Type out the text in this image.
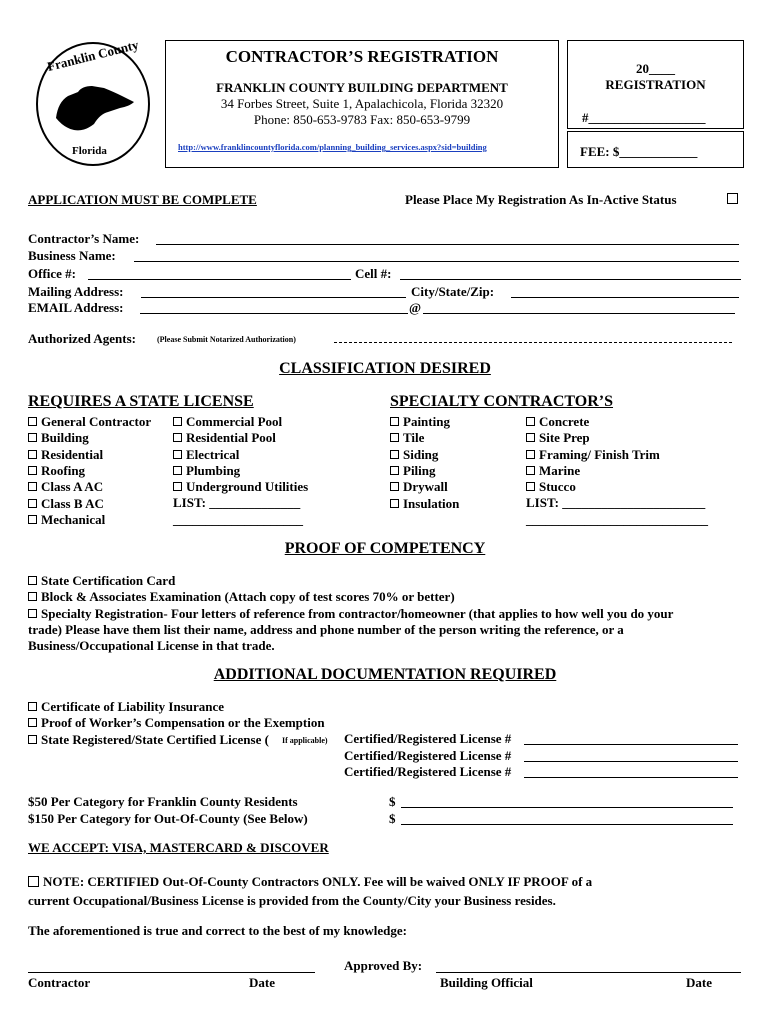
Franklin County
Florida
CONTRACTOR’S REGISTRATION
FRANKLIN COUNTY BUILDING DEPARTMENT
34 Forbes Street, Suite 1, Apalachicola, Florida 32320
Phone: 850-653-9783 Fax: 850-653-9799
http://www.franklincountyflorida.com/planning_building_services.aspx?sid=building
20____
REGISTRATION
#__________________
FEE: $____________
APPLICATION MUST BE COMPLETE	Please Place My Registration As In-Active Status
Contractor’s Name:
Business Name:
Office #:	Cell #:
Mailing Address:	City/State/Zip:
EMAIL Address:	@
Authorized Agents:	(Please Submit Notarized Authorization)
CLASSIFICATION DESIRED
REQUIRES A STATE LICENSE	SPECIALTY CONTRACTOR’S
General Contractor
Building
Residential
Roofing
Class A AC
Class B AC
Mechanical
Commercial Pool
Residential Pool
Electrical
Plumbing
Underground Utilities
LIST: ______________
____________________
Painting
Tile
Siding
Piling
Drywall
Insulation
Concrete
Site Prep
Framing/ Finish Trim
Marine
Stucco
LIST: ______________________
____________________________
PROOF OF COMPETENCY
State Certification Card
Block & Associates Examination (Attach copy of test scores 70% or better)
Specialty Registration- Four letters of reference from contractor/homeowner (that applies to how well you do your
trade) Please have them list their name, address and phone number of the person writing the reference, or a
Business/Occupational License in that trade.
ADDITIONAL DOCUMENTATION REQUIRED
Certificate of Liability Insurance
Proof of Worker’s Compensation or the Exemption
State Registered/State Certified License ( If applicable) Certified/Registered License #
Certified/Registered License #
Certified/Registered License #
$50 Per Category for Franklin County Residents	$
$150 Per Category for Out-Of-County (See Below)	$
WE ACCEPT: VISA, MASTERCARD & DISCOVER
NOTE: CERTIFIED Out-Of-County Contractors ONLY. Fee will be waived ONLY IF PROOF of a
current Occupational/Business License is provided from the County/City your Business resides.
The aforementioned is true and correct to the best of my knowledge:
Approved By:
Contractor	Date	Building Official	Date
